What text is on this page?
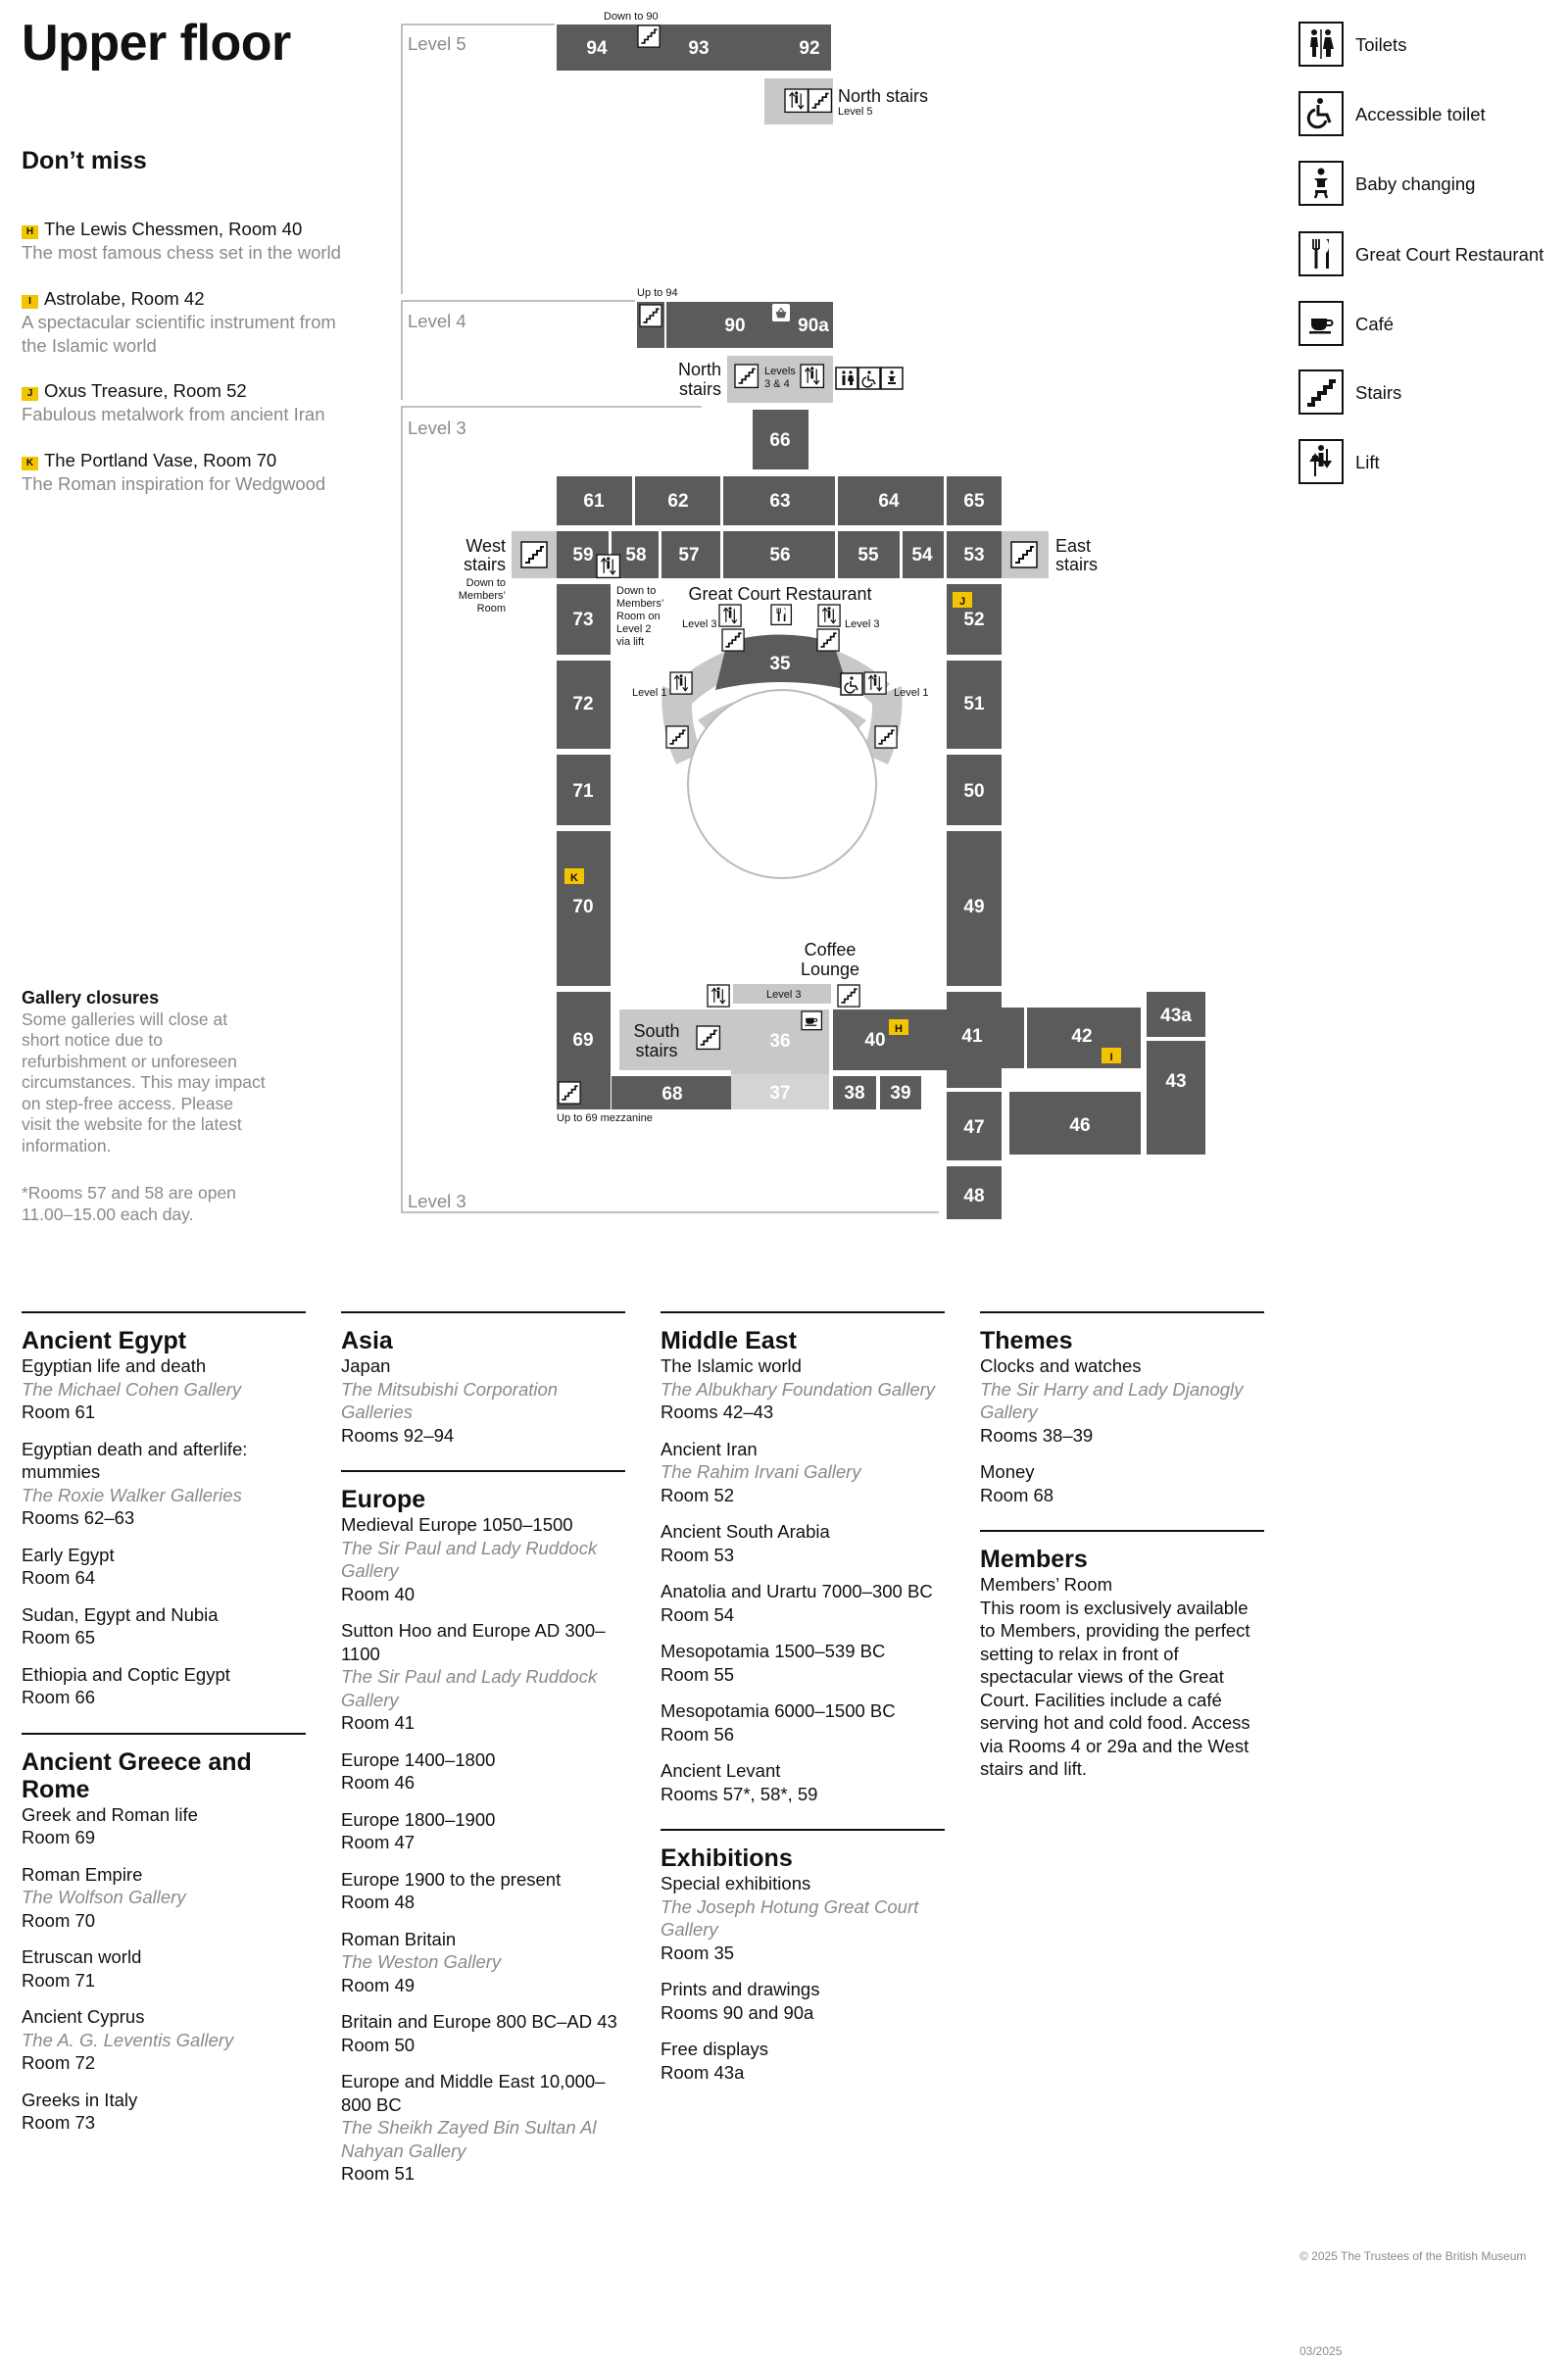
Upper floor
Don’t miss
H The Lewis Chessmen, Room 40
The most famous chess set in the world
I Astrolabe, Room 42
A spectacular scientific instrument from the Islamic world
J Oxus Treasure, Room 52
Fabulous metalwork from ancient Iran
K The Portland Vase, Room 70
The Roman inspiration for Wedgwood
Gallery closures
Some galleries will close at short notice due to refurbishment or unforeseen circumstances. This may impact on step-free access. Please visit the website for the latest information.
*Rooms 57 and 58 are open 11.00–15.00 each day.
Toilets
Accessible toilet
Baby changing
Great Court Restaurant
Café
Stairs
Lift
Level 5
Level 4
Level 3
Level 3
94	93	92
Down to 90
North stairs
Level 5
Up to 94
90	90a
Levels
3 & 4
North
stairs
66
61	62	63	64	65
59 58 57	56	55 54 53
West
stairs
Down to
Members’
Room
East
stairs
73
72
71
70
K
69
Up to 69 mezzanine
Down to
Members’
Room on
Level 2
via lift
52
J
51
50
49
35
Great Court Restaurant
Level 3	Level 3
Level 1	Level 1
Coffee
Lounge
Level 3
South
stairs	36
37
68
40
H
38 39
41	42
I
43a
43
47	46
48
Ancient Egypt
Egyptian life and death
The Michael Cohen Gallery
Room 61
Egyptian death and afterlife: mummies
The Roxie Walker Galleries
Rooms 62–63
Early Egypt
Room 64
Sudan, Egypt and Nubia
Room 65
Ethiopia and Coptic Egypt
Room 66
Ancient Greece and Rome
Greek and Roman life
Room 69
Roman Empire
The Wolfson Gallery
Room 70
Etruscan world
Room 71
Ancient Cyprus
The A. G. Leventis Gallery
Room 72
Greeks in Italy
Room 73
Asia
Japan
The Mitsubishi Corporation Galleries
Rooms 92–94
Europe
Medieval Europe 1050–1500
The Sir Paul and Lady Ruddock Gallery
Room 40
Sutton Hoo and Europe AD 300–1100
The Sir Paul and Lady Ruddock Gallery
Room 41
Europe 1400–1800
Room 46
Europe 1800–1900
Room 47
Europe 1900 to the present
Room 48
Roman Britain
The Weston Gallery
Room 49
Britain and Europe 800 BC–AD 43
Room 50
Europe and Middle East 10,000–800 BC
The Sheikh Zayed Bin Sultan Al Nahyan Gallery
Room 51
Middle East
The Islamic world
The Albukhary Foundation Gallery
Rooms 42–43
Ancient Iran
The Rahim Irvani Gallery
Room 52
Ancient South Arabia
Room 53
Anatolia and Urartu 7000–300 BC
Room 54
Mesopotamia 1500–539 BC
Room 55
Mesopotamia 6000–1500 BC
Room 56
Ancient Levant
Rooms 57*, 58*, 59
Exhibitions
Special exhibitions
The Joseph Hotung Great Court Gallery
Room 35
Prints and drawings
Rooms 90 and 90a
Free displays
Room 43a
Themes
Clocks and watches
The Sir Harry and Lady Djanogly Gallery
Rooms 38–39
Money
Room 68
Members
Members’ Room
This room is exclusively available to Members, providing the perfect setting to relax in front of spectacular views of the Great Court. Facilities include a café serving hot and cold food. Access via Rooms 4 or 29a and the West stairs and lift.
© 2025 The Trustees of the British Museum
03/2025
